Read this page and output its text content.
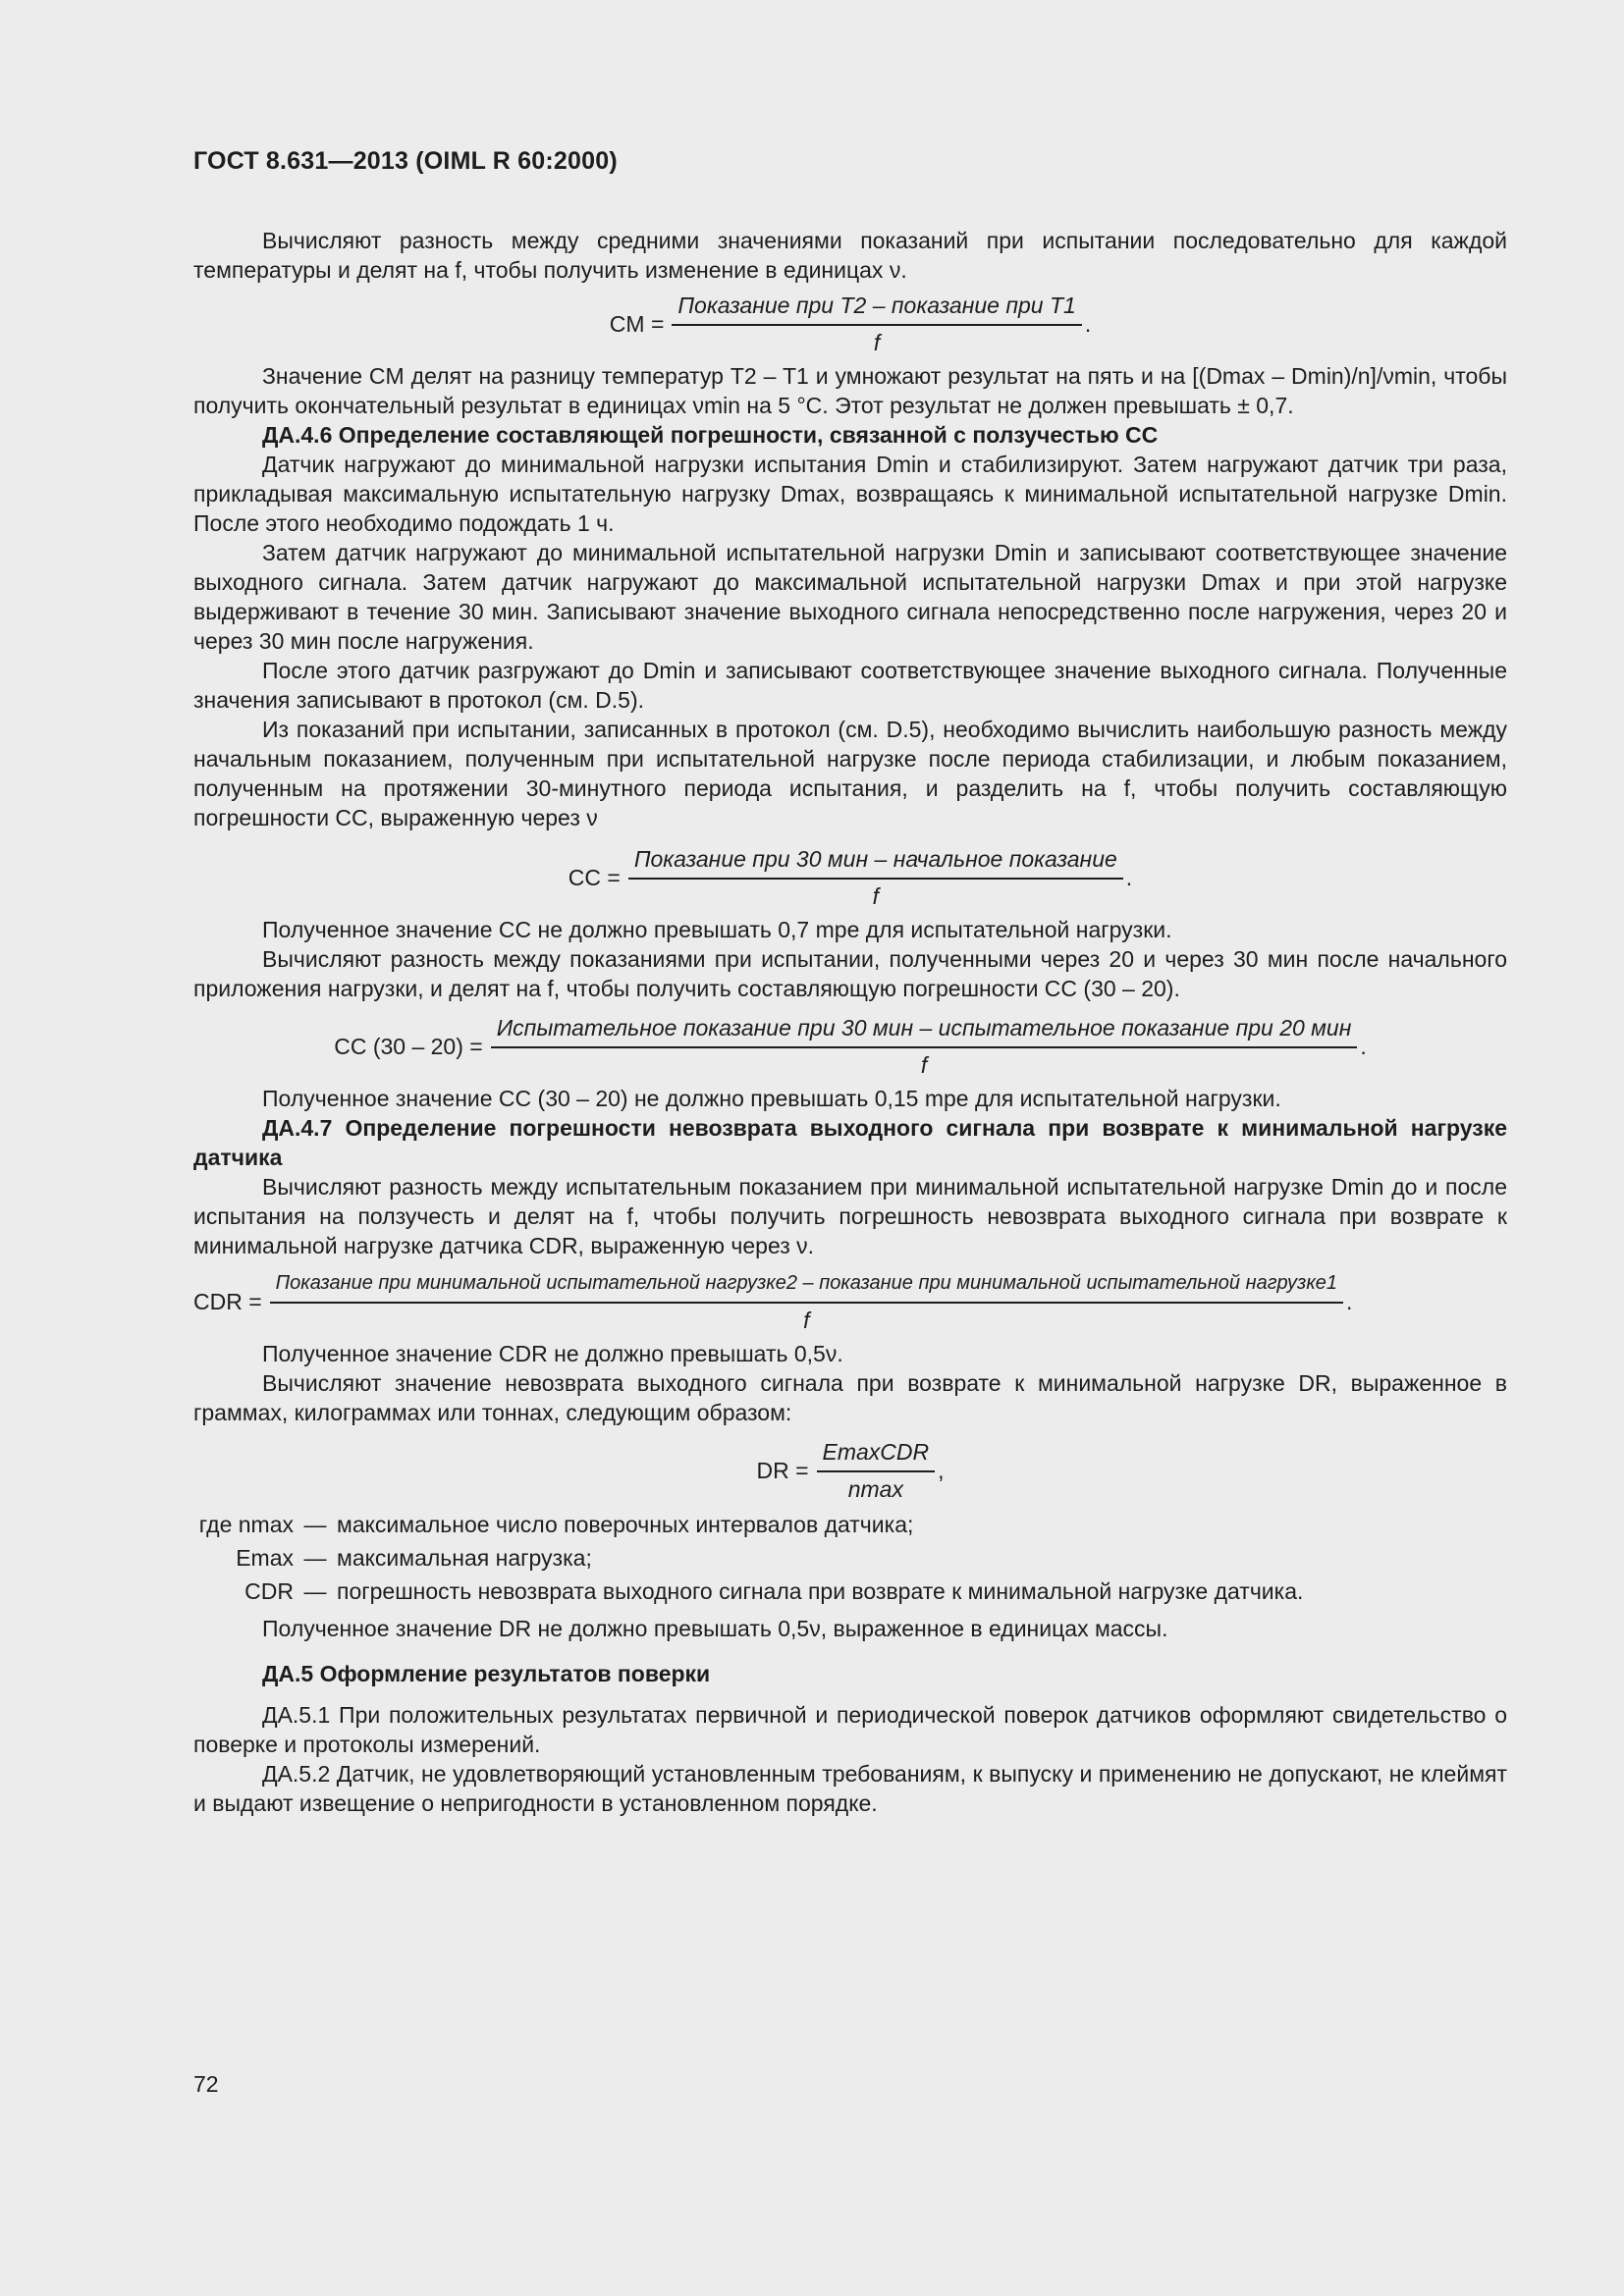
ГОСТ 8.631—2013 (OIML R 60:2000)

Вычисляют разность между средними значениями показаний при испытании последовательно для каждой температуры и делят на f, чтобы получить изменение в единицах ν.

CM = $\frac{\text{Показание при T2 – показание при T1}}{f}$ .

Значение CM делят на разницу температур T2 – T1 и умножают результат на пять и на [(Dmax – Dmin)/n]/νmin, чтобы получить окончательный результат в единицах νmin на 5 °C. Этот результат не должен превышать ± 0,7.

ДА.4.6 Определение составляющей погрешности, связанной с ползучестью CC

Датчик нагружают до минимальной нагрузки испытания Dmin и стабилизируют. Затем нагружают датчик три раза, прикладывая максимальную испытательную нагрузку Dmax, возвращаясь к минимальной испытательной нагрузке Dmin. После этого необходимо подождать 1 ч.

Затем датчик нагружают до минимальной испытательной нагрузки Dmin и записывают соответствующее значение выходного сигнала. Затем датчик нагружают до максимальной испытательной нагрузки Dmax и при этой нагрузке выдерживают в течение 30 мин. Записывают значение выходного сигнала непосредственно после нагружения, через 20 и через 30 мин после нагружения.

После этого датчик разгружают до Dmin и записывают соответствующее значение выходного сигнала. Полученные значения записывают в протокол (см. D.5).

Из показаний при испытании, записанных в протокол (см. D.5), необходимо вычислить наибольшую разность между начальным показанием, полученным при испытательной нагрузке после периода стабилизации, и любым показанием, полученным на протяжении 30-минутного периода испытания, и разделить на f, чтобы получить составляющую погрешности CC, выраженную через ν

CC = $\frac{\text{Показание при 30 мин – начальное показание}}{f}$ .

Полученное значение CC не должно превышать 0,7 mpe для испытательной нагрузки.

Вычисляют разность между показаниями при испытании, полученными через 20 и через 30 мин после начального приложения нагрузки, и делят на f, чтобы получить составляющую погрешности CC (30 – 20).

CC (30 – 20) =
Испытательное показание при 30 мин – испытательное показание при 20 мин
f
.

Полученное значение CC (30 – 20) не должно превышать 0,15 mpe для испытательной нагрузки.

ДА.4.7 Определение погрешности невозврата выходного сигнала при возврате к минимальной нагрузке датчика

Вычисляют разность между испытательным показанием при минимальной испытательной нагрузке Dmin до и после испытания на ползучесть и делят на f, чтобы получить погрешность невозврата выходного сигнала при возврате к минимальной нагрузке датчика CDR, выраженную через ν.

CDR =
Показание при минимальной испытательной нагрузке2 – показание при минимальной испытательной нагрузке1
f
.

Полученное значение CDR не должно превышать 0,5ν.

Вычисляют значение невозврата выходного сигнала при возврате к минимальной нагрузке DR, выраженное в граммах, килограммах или тоннах, следующим образом:

DR = $\frac{\text{EmaxCDR}}{nmax}$ ,
где nmax — максимальное число поверочных интервалов датчика;
Emax — максимальная нагрузка;
CDR — погрешность невозврата выходного сигнала при возврате к минимальной нагрузке датчика.

Полученное значение DR не должно превышать 0,5ν, выраженное в единицах массы.

ДА.5 Оформление результатов поверки

ДА.5.1 При положительных результатах первичной и периодической поверок датчиков оформляют свидетельство о поверке и протоколы измерений.

ДА.5.2 Датчик, не удовлетворяющий установленным требованиям, к выпуску и применению не допускают, не клеймят и выдают извещение о непригодности в установленном порядке.

72
